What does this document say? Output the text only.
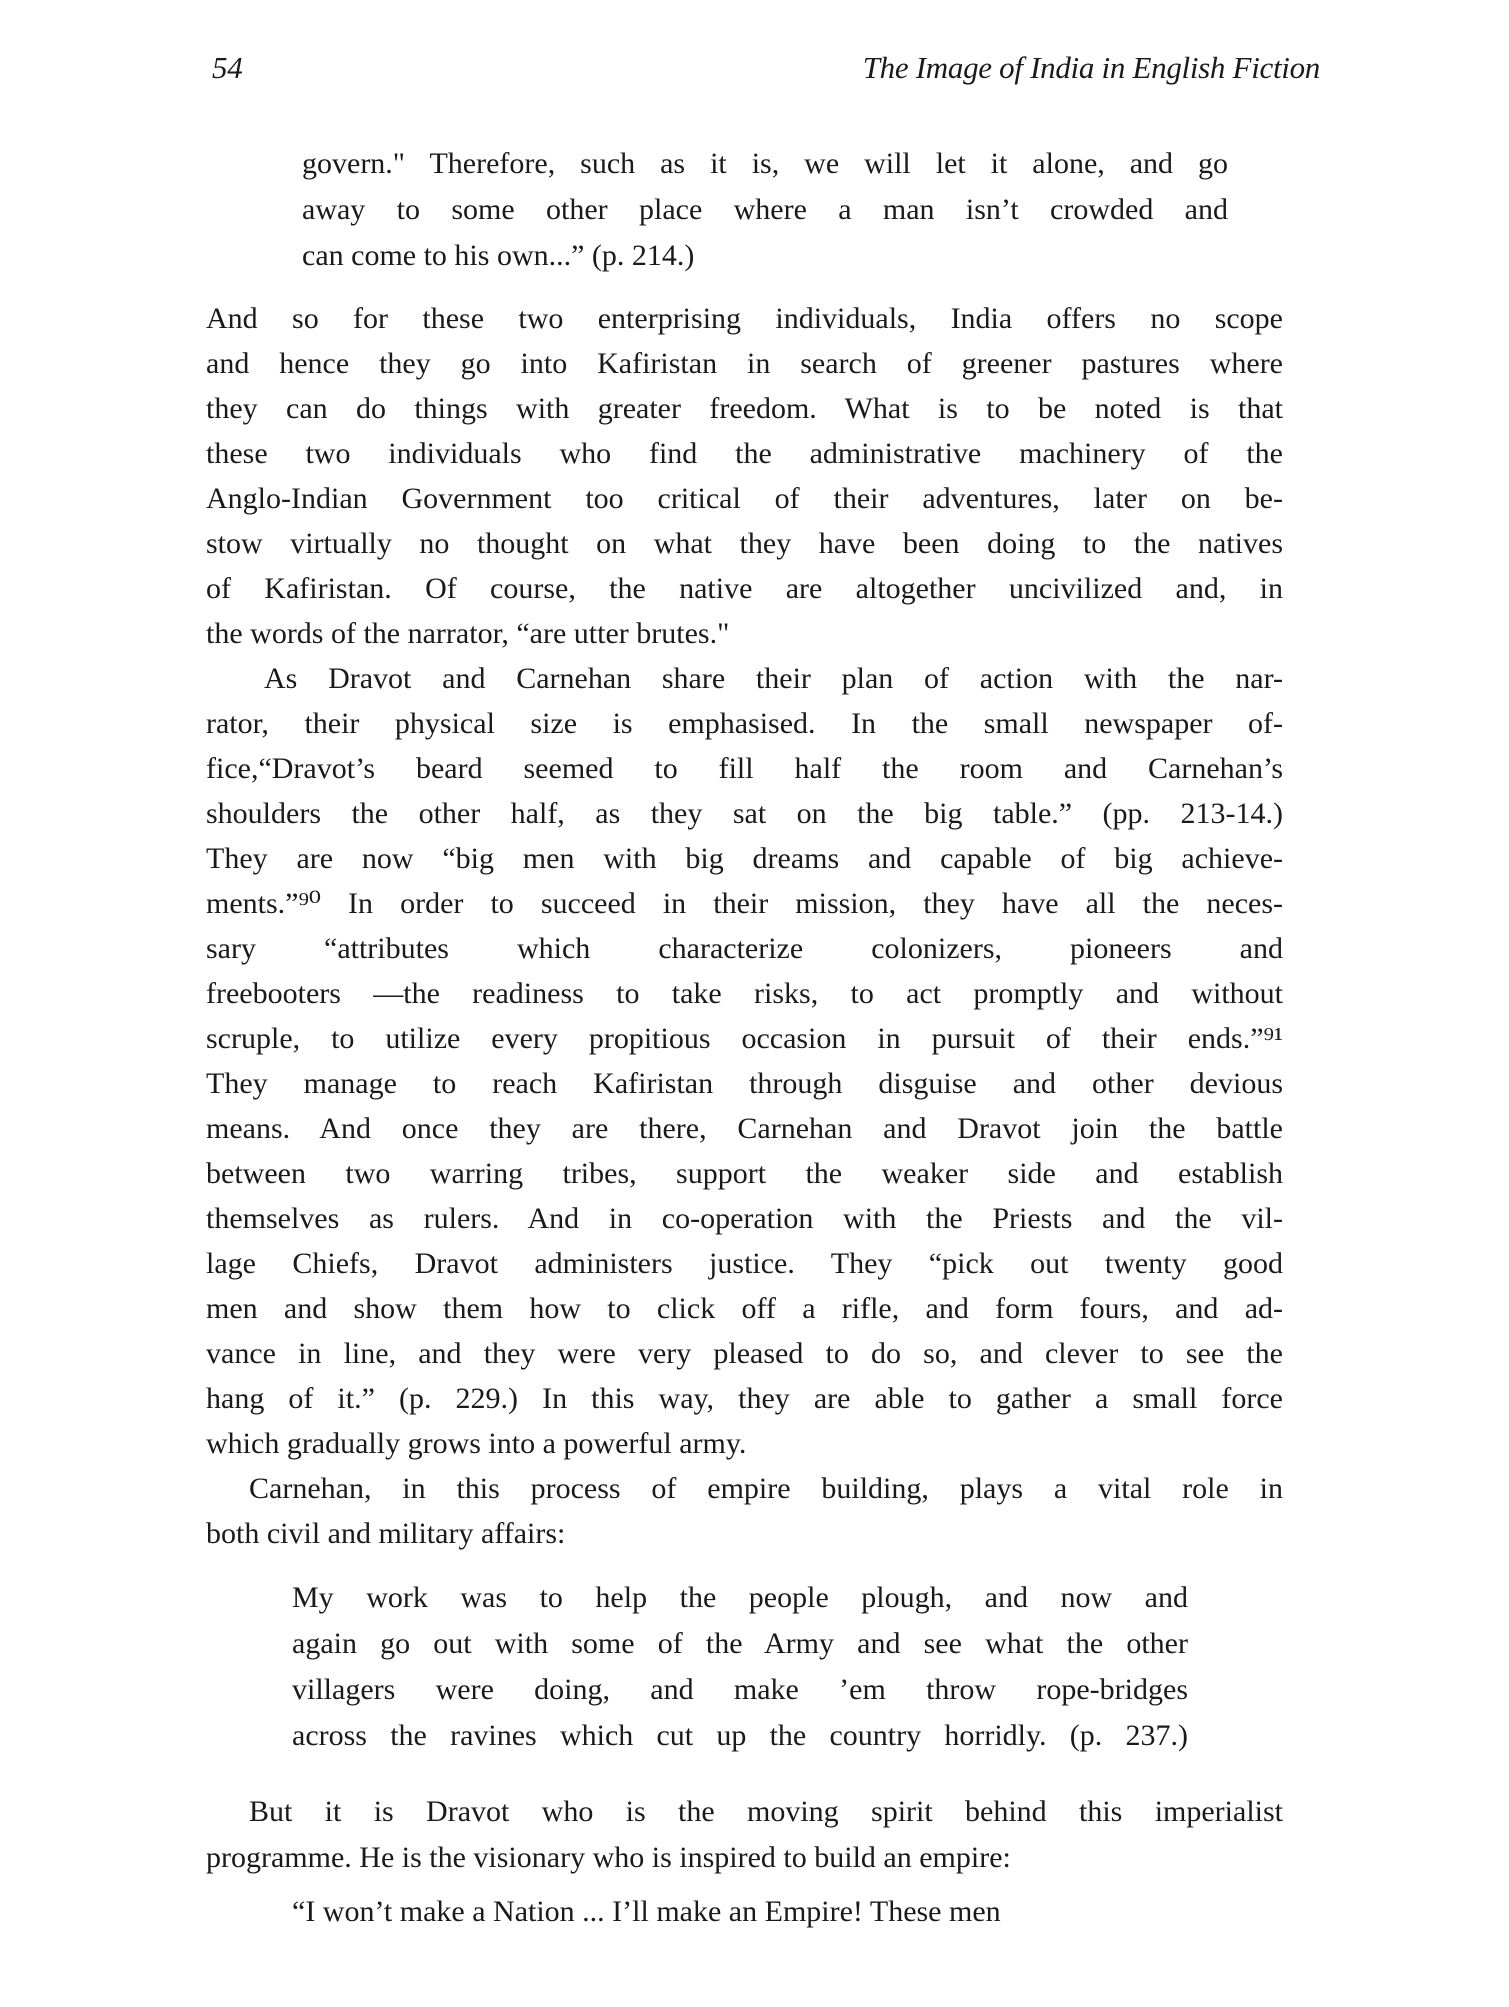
54	The Image of India in English Fiction
govern." Therefore, such as it is, we will let it alone, and go
away to some other place where a man isn’t crowded and
can come to his own...” (p. 214.)
And so for these two enterprising individuals, India offers no scope
and hence they go into Kafiristan in search of greener pastures where
they can do things with greater freedom. What is to be noted is that
these two individuals who find the administrative machinery of the
Anglo-Indian Government too critical of their adventures, later on be-
stow virtually no thought on what they have been doing to the natives
of Kafiristan. Of course, the native are altogether uncivilized and, in
the words of the narrator, “are utter brutes."
As Dravot and Carnehan share their plan of action with the nar-
rator, their physical size is emphasised. In the small newspaper of-
fice,“Dravot’s beard seemed to fill half the room and Carnehan’s
shoulders the other half, as they sat on the big table.” (pp. 213-14.)
They are now “big men with big dreams and capable of big achieve-
ments.”⁹⁰ In order to succeed in their mission, they have all the neces-
sary “attributes which characterize colonizers, pioneers and
freebooters —the readiness to take risks, to act promptly and without
scruple, to utilize every propitious occasion in pursuit of their ends.”⁹¹
They manage to reach Kafiristan through disguise and other devious
means. And once they are there, Carnehan and Dravot join the battle
between two warring tribes, support the weaker side and establish
themselves as rulers. And in co-operation with the Priests and the vil-
lage Chiefs, Dravot administers justice. They “pick out twenty good
men and show them how to click off a rifle, and form fours, and ad-
vance in line, and they were very pleased to do so, and clever to see the
hang of it.” (p. 229.) In this way, they are able to gather a small force
which gradually grows into a powerful army.
Carnehan, in this process of empire building, plays a vital role in
both civil and military affairs:
My work was to help the people plough, and now and
again go out with some of the Army and see what the other
villagers were doing, and make ’em throw rope-bridges
across the ravines which cut up the country horridly. (p. 237.)
But it is Dravot who is the moving spirit behind this imperialist
programme. He is the visionary who is inspired to build an empire:
“I won’t make a Nation ... I’ll make an Empire! These men
